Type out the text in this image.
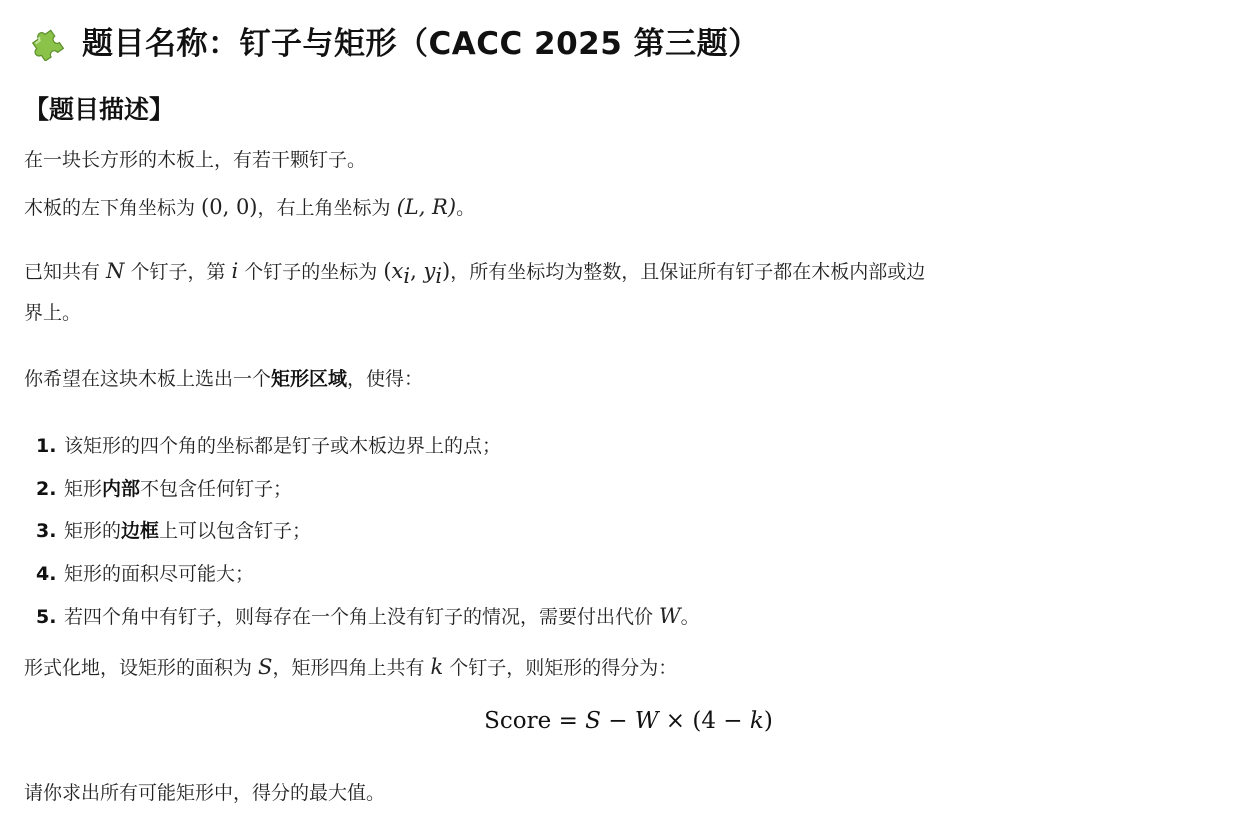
题目名称：钉子与矩形（CACC 2025 第三题）
【题目描述】
在一块长方形的木板上，有若干颗钉子。
木板的左下角坐标为 (0, 0)，右上角坐标为 (L, R)。
已知共有 N 个钉子，第 i 个钉子的坐标为 ($x_i$, $y_i$)，所有坐标均为整数，且保证所有钉子都在木板内部或边
界上。
你希望在这块木板上选出一个矩形区域，使得：
1. 该矩形的四个角的坐标都是钉子或木板边界上的点；
2. 矩形内部不包含任何钉子；
3. 矩形的边框上可以包含钉子；
4. 矩形的面积尽可能大；
5. 若四个角中有钉子，则每存在一个角上没有钉子的情况，需要付出代价 W。
形式化地，设矩形的面积为 S，矩形四角上共有 k 个钉子，则矩形的得分为：
Score = S − W × (4 − k)
请你求出所有可能矩形中，得分的最大值。
